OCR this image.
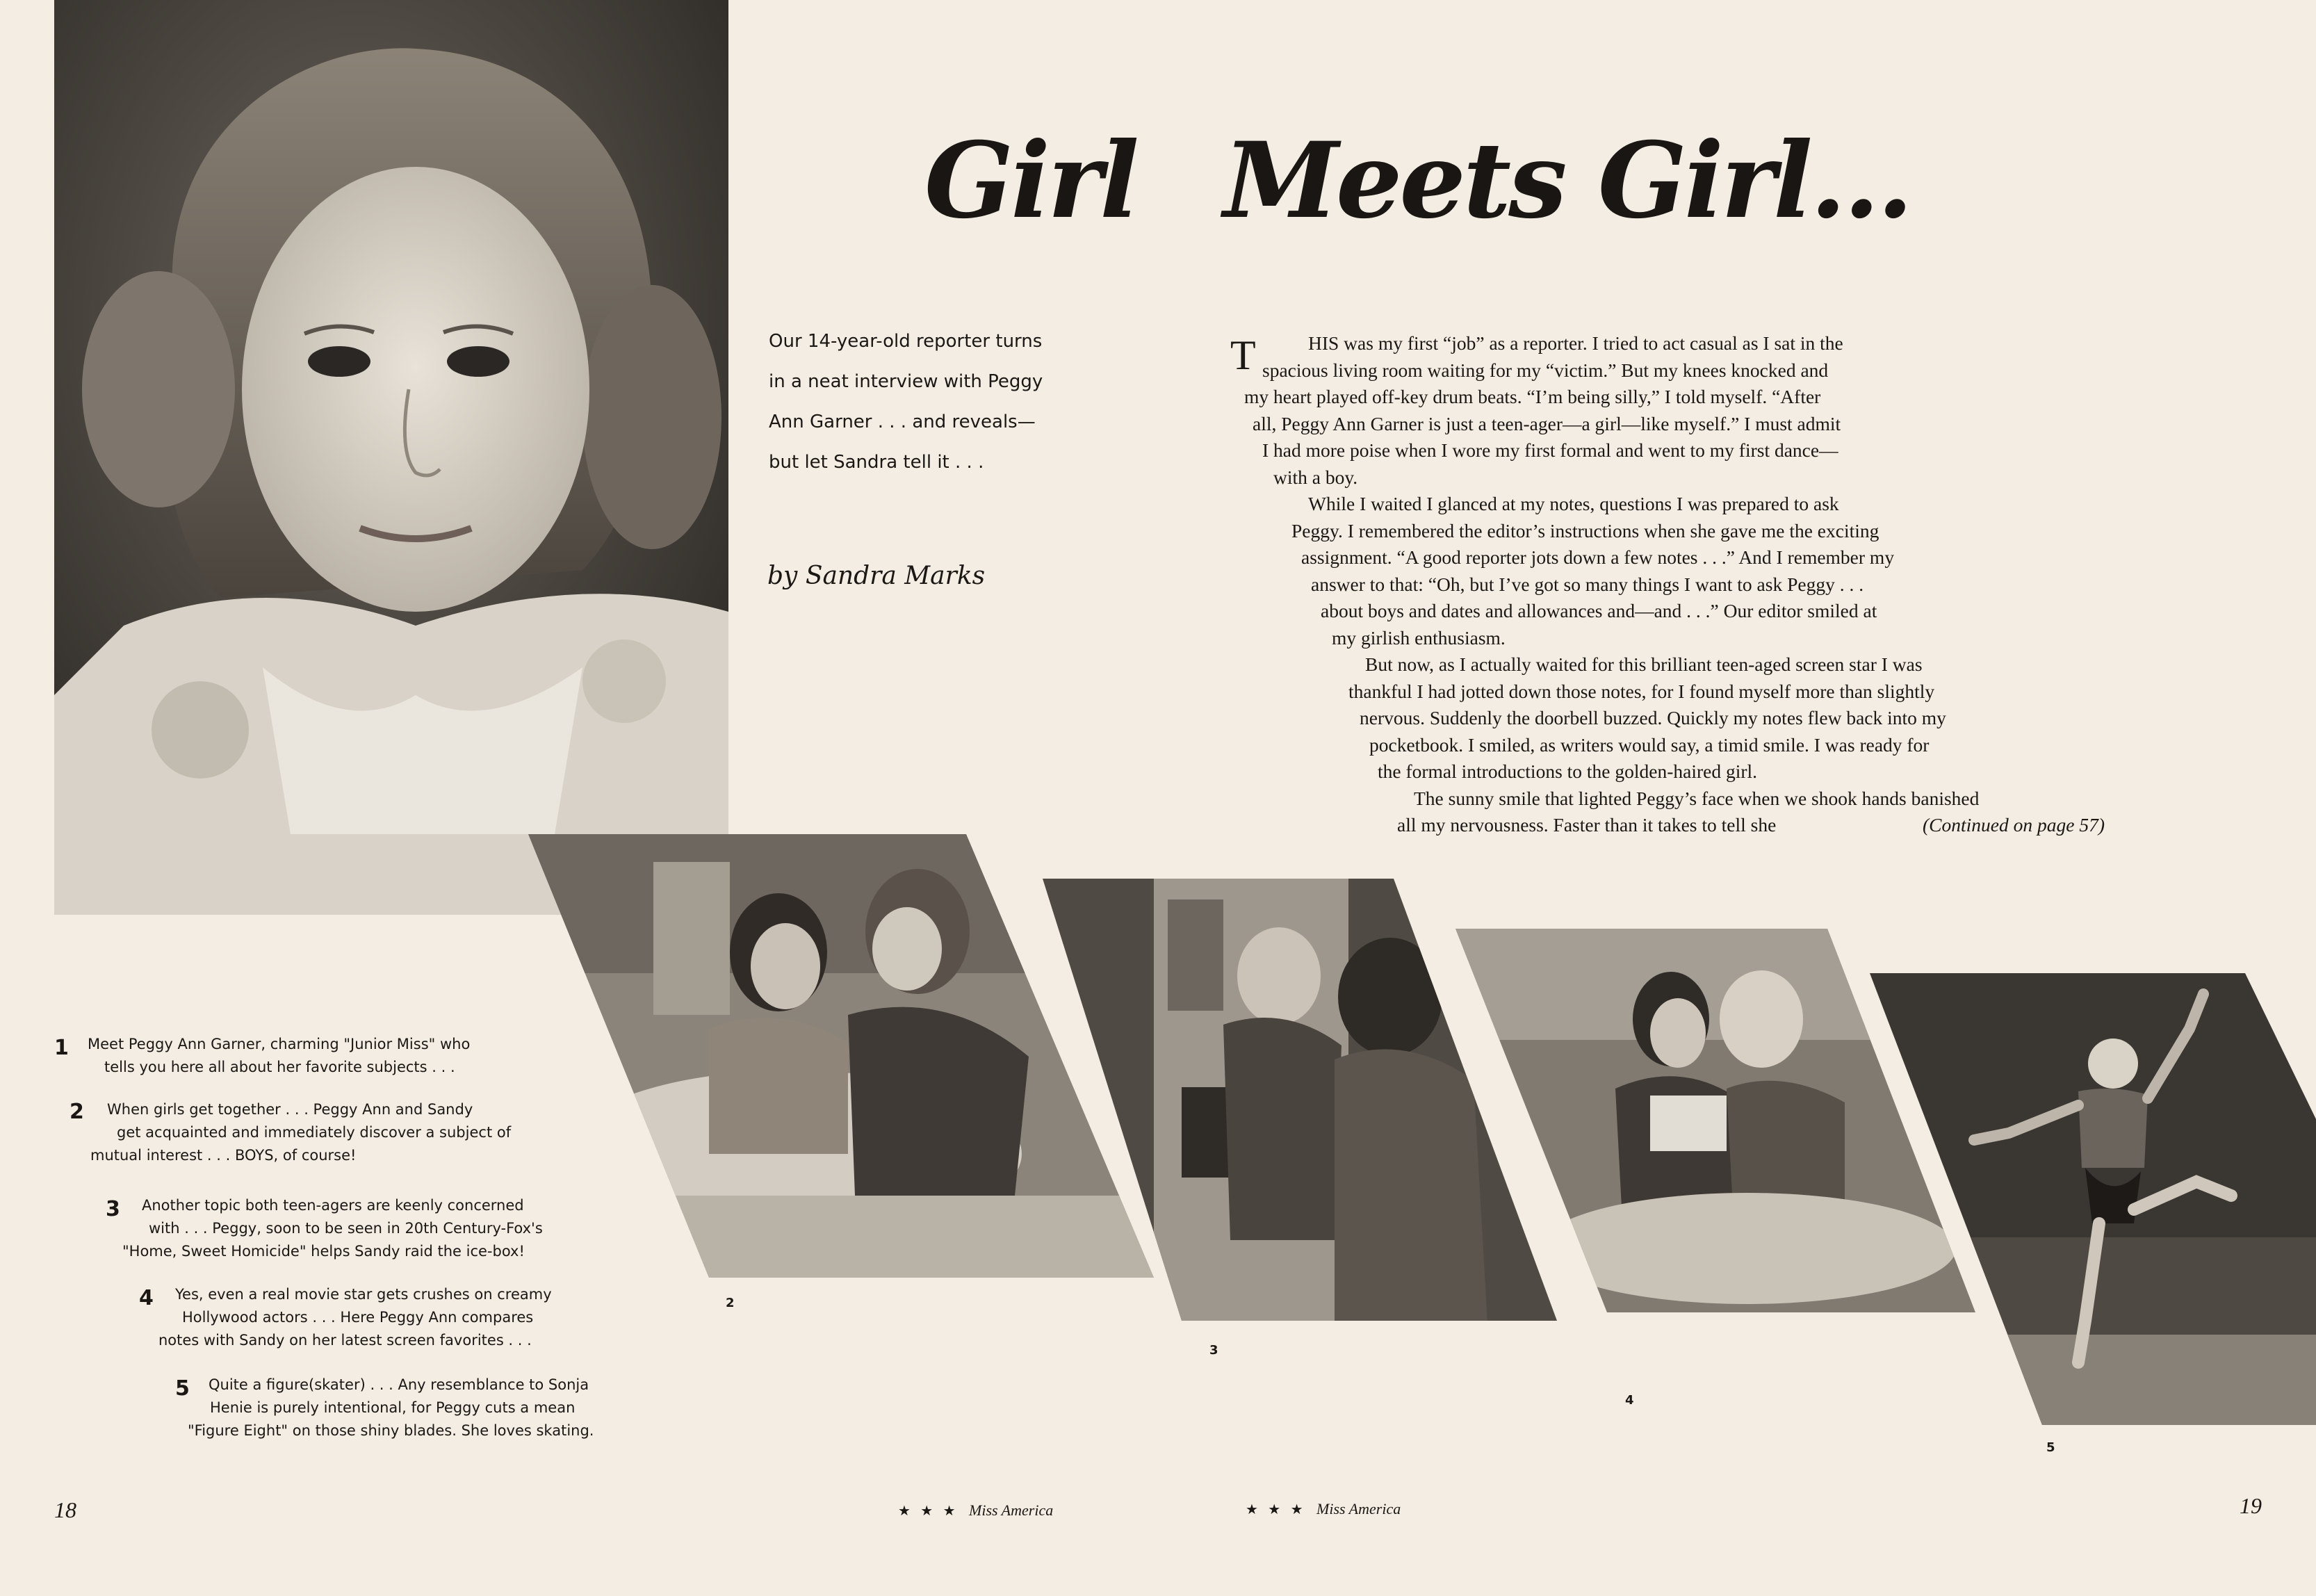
Girl Meets Girl...
Our 14-year-old reporter turns
in a neat interview with Peggy
Ann Garner . . . and reveals—
but let Sandra tell it . . .
by Sandra Marks
T	HIS was my first “job” as a reporter. I tried to act casual as I sat in the
spacious living room waiting for my “victim.” But my knees knocked and
my heart played off-key drum beats. “I’m being silly,” I told myself. “After
all, Peggy Ann Garner is just a teen-ager—a girl—like myself.” I must admit
I had more poise when I wore my first formal and went to my first dance—
with a boy.
While I waited I glanced at my notes, questions I was prepared to ask
Peggy. I remembered the editor’s instructions when she gave me the exciting
assignment. “A good reporter jots down a few notes . . .” And I remember my
answer to that: “Oh, but I’ve got so many things I want to ask Peggy . . .
about boys and dates and allowances and—and . . .” Our editor smiled at
my girlish enthusiasm.
But now, as I actually waited for this brilliant teen-aged screen star I was
thankful I had jotted down those notes, for I found myself more than slightly
nervous. Suddenly the doorbell buzzed. Quickly my notes flew back into my
pocketbook. I smiled, as writers would say, a timid smile. I was ready for
the formal introductions to the golden-haired girl.
The sunny smile that lighted Peggy’s face when we shook hands banished
all my nervousness. Faster than it takes to tell she	(Continued on page 57)
1 Meet Peggy Ann Garner, charming "Junior Miss" who
tells you here all about her favorite subjects . . .
2 When girls get together . . . Peggy Ann and Sandy
get acquainted and immediately discover a subject of
mutual interest . . . BOYS, of course!
3 Another topic both teen-agers are keenly concerned
with . . . Peggy, soon to be seen in 20th Century-Fox's
"Home, Sweet Homicide" helps Sandy raid the ice-box!
4 Yes, even a real movie star gets crushes on creamy
Hollywood actors . . . Here Peggy Ann compares
notes with Sandy on her latest screen favorites . . .
5 Quite a figure(skater) . . . Any resemblance to Sonja
Henie is purely intentional, for Peggy cuts a mean
"Figure Eight" on those shiny blades. She loves skating.
2
3
4
5
18	★ ★ ★ Miss America	★ ★ ★ Miss America	19
